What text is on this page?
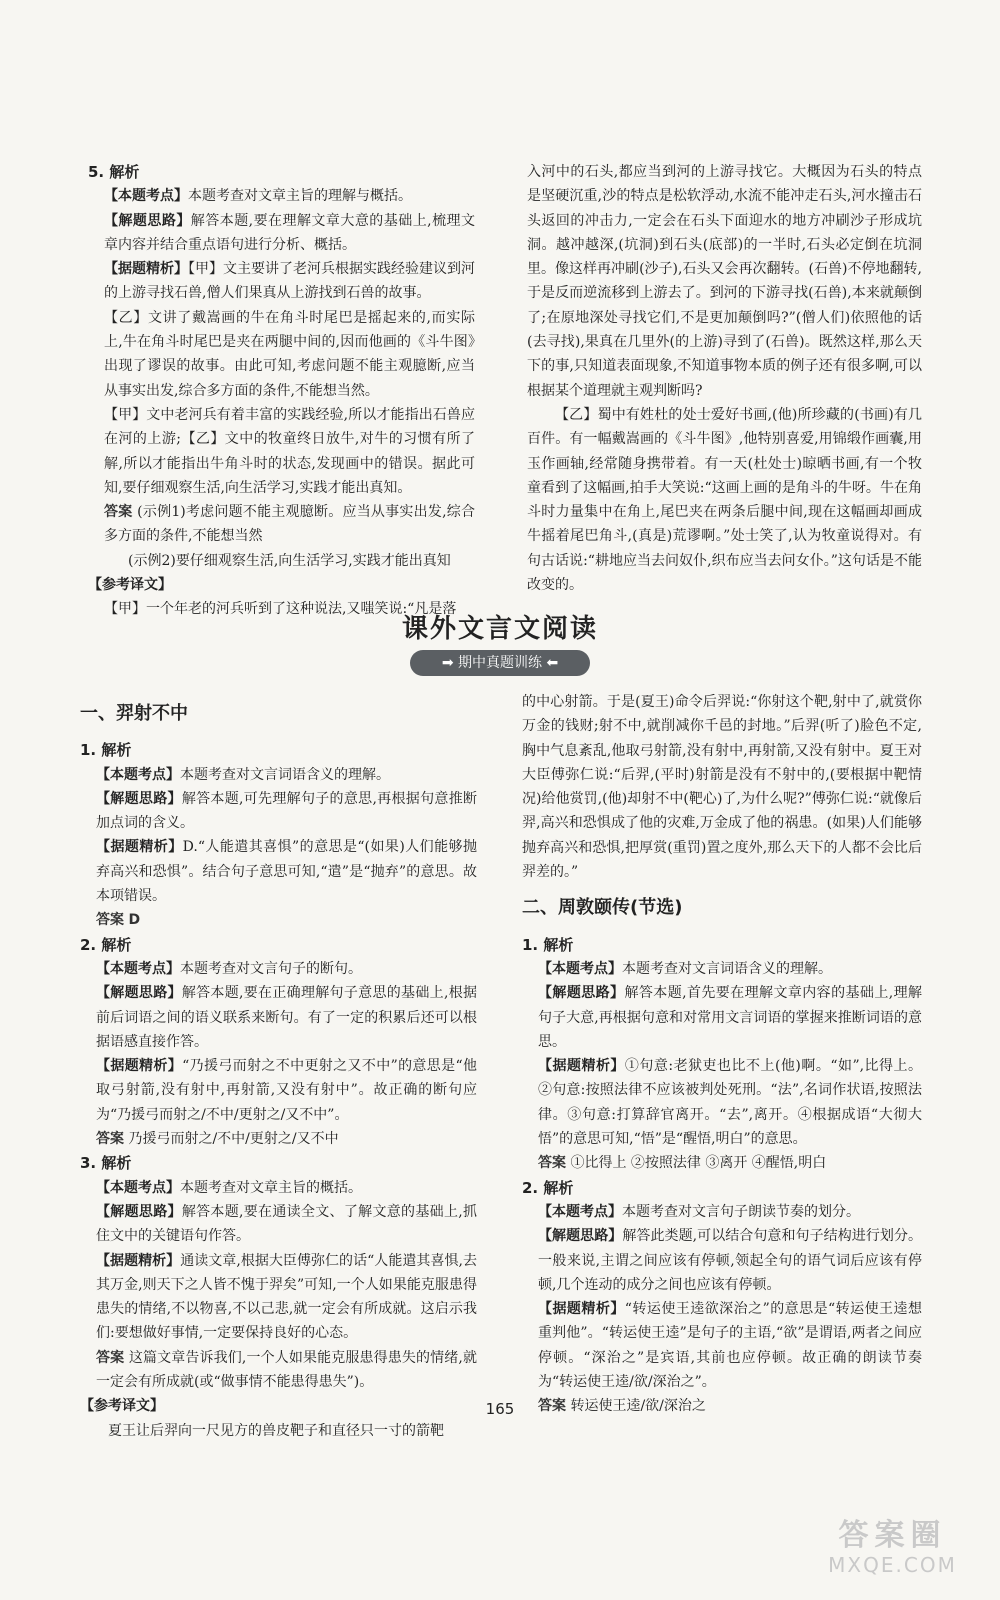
5. 解析

【本题考点】本题考查对文章主旨的理解与概括。

【解题思路】解答本题,要在理解文章大意的基础上,梳理文章内容并结合重点语句进行分析、概括。

【据题精析】【甲】文主要讲了老河兵根据实践经验建议到河的上游寻找石兽,僧人们果真从上游找到石兽的故事。

【乙】文讲了戴嵩画的牛在角斗时尾巴是摇起来的,而实际上,牛在角斗时尾巴是夹在两腿中间的,因而他画的《斗牛图》出现了谬误的故事。由此可知,考虑问题不能主观臆断,应当从事实出发,综合多方面的条件,不能想当然。

【甲】文中老河兵有着丰富的实践经验,所以才能指出石兽应在河的上游;【乙】文中的牧童终日放牛,对牛的习惯有所了解,所以才能指出牛角斗时的状态,发现画中的错误。据此可知,要仔细观察生活,向生活学习,实践才能出真知。

答案 (示例1)考虑问题不能主观臆断。应当从事实出发,综合多方面的条件,不能想当然

(示例2)要仔细观察生活,向生活学习,实践才能出真知

【参考译文】

【甲】一个年老的河兵听到了这种说法,又嗤笑说:“凡是落

入河中的石头,都应当到河的上游寻找它。大概因为石头的特点是坚硬沉重,沙的特点是松软浮动,水流不能冲走石头,河水撞击石头返回的冲击力,一定会在石头下面迎水的地方冲刷沙子形成坑洞。越冲越深,(坑洞)到石头(底部)的一半时,石头必定倒在坑洞里。像这样再冲刷(沙子),石头又会再次翻转。(石兽)不停地翻转,于是反而逆流移到上游去了。到河的下游寻找(石兽),本来就颠倒了;在原地深处寻找它们,不是更加颠倒吗?”(僧人们)依照他的话(去寻找),果真在几里外(的上游)寻到了(石兽)。既然这样,那么天下的事,只知道表面现象,不知道事物本质的例子还有很多啊,可以根据某个道理就主观判断吗?

【乙】蜀中有姓杜的处士爱好书画,(他)所珍藏的(书画)有几百件。有一幅戴嵩画的《斗牛图》,他特别喜爱,用锦缎作画囊,用玉作画轴,经常随身携带着。有一天(杜处士)晾晒书画,有一个牧童看到了这幅画,拍手大笑说:“这画上画的是角斗的牛呀。牛在角斗时力量集中在角上,尾巴夹在两条后腿中间,现在这幅画却画成牛摇着尾巴角斗,(真是)荒谬啊。”处士笑了,认为牧童说得对。有句古话说:“耕地应当去问奴仆,织布应当去问女仆。”这句话是不能改变的。

课外文言文阅读
➡ 期中真题训练 ⬅

一、羿射不中

1. 解析

【本题考点】本题考查对文言词语含义的理解。

【解题思路】解答本题,可先理解句子的意思,再根据句意推断加点词的含义。

【据题精析】D.“人能遣其喜惧”的意思是“(如果)人们能够抛弃高兴和恐惧”。结合句子意思可知,“遣”是“抛弃”的意思。故本项错误。

答案 D

2. 解析

【本题考点】本题考查对文言句子的断句。

【解题思路】解答本题,要在正确理解句子意思的基础上,根据前后词语之间的语义联系来断句。有了一定的积累后还可以根据语感直接作答。

【据题精析】“乃援弓而射之不中更射之又不中”的意思是“他取弓射箭,没有射中,再射箭,又没有射中”。故正确的断句应为“乃援弓而射之/不中/更射之/又不中”。

答案 乃援弓而射之/不中/更射之/又不中

3. 解析

【本题考点】本题考查对文章主旨的概括。

【解题思路】解答本题,要在通读全文、了解文意的基础上,抓住文中的关键语句作答。

【据题精析】通读文章,根据大臣傅弥仁的话“人能遣其喜惧,去其万金,则天下之人皆不愧于羿矣”可知,一个人如果能克服患得患失的情绪,不以物喜,不以己悲,就一定会有所成就。这启示我们:要想做好事情,一定要保持良好的心态。

答案 这篇文章告诉我们,一个人如果能克服患得患失的情绪,就一定会有所成就(或“做事情不能患得患失”)。

【参考译文】

夏王让后羿向一尺见方的兽皮靶子和直径只一寸的箭靶

的中心射箭。于是(夏王)命令后羿说:“你射这个靶,射中了,就赏你万金的钱财;射不中,就削减你千邑的封地。”后羿(听了)脸色不定,胸中气息紊乱,他取弓射箭,没有射中,再射箭,又没有射中。夏王对大臣傅弥仁说:“后羿,(平时)射箭是没有不射中的,(要根据中靶情况)给他赏罚,(他)却射不中(靶心)了,为什么呢?”傅弥仁说:“就像后羿,高兴和恐惧成了他的灾难,万金成了他的祸患。(如果)人们能够抛弃高兴和恐惧,把厚赏(重罚)置之度外,那么天下的人都不会比后羿差的。”

二、周敦颐传(节选)

1. 解析

【本题考点】本题考查对文言词语含义的理解。

【解题思路】解答本题,首先要在理解文章内容的基础上,理解句子大意,再根据句意和对常用文言词语的掌握来推断词语的意思。

【据题精析】①句意:老狱吏也比不上(他)啊。“如”,比得上。②句意:按照法律不应该被判处死刑。“法”,名词作状语,按照法律。③句意:打算辞官离开。“去”,离开。④根据成语“大彻大悟”的意思可知,“悟”是“醒悟,明白”的意思。

答案 ①比得上 ②按照法律 ③离开 ④醒悟,明白

2. 解析

【本题考点】本题考查对文言句子朗读节奏的划分。

【解题思路】解答此类题,可以结合句意和句子结构进行划分。一般来说,主谓之间应该有停顿,领起全句的语气词后应该有停顿,几个连动的成分之间也应该有停顿。

【据题精析】“转运使王逵欲深治之”的意思是“转运使王逵想重判他”。“转运使王逵”是句子的主语,“欲”是谓语,两者之间应停顿。“深治之”是宾语,其前也应停顿。故正确的朗读节奏为“转运使王逵/欲/深治之”。

答案 转运使王逵/欲/深治之

165
答案圈
MXQE.COM
